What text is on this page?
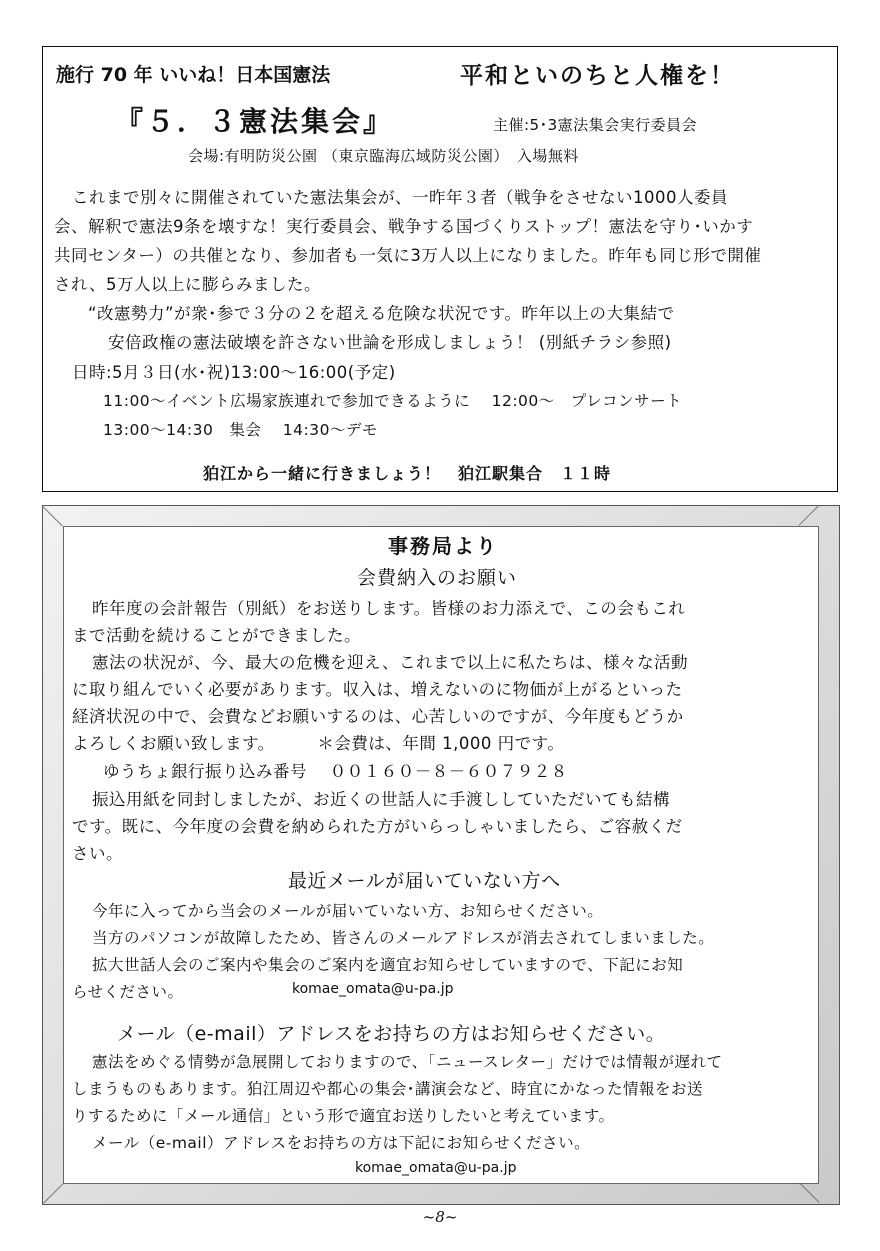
施行 70 年 いいね！日本国憲法	平和といのちと人権を！
『５．３憲法集会』	主催:5･3憲法集会実行委員会
会場:有明防災公園 （東京臨海広域防災公園）　入場無料
これまで別々に開催されていた憲法集会が、一昨年３者（戦争をさせない1000人委員
会、解釈で憲法9条を壊すな！実行委員会、戦争する国づくりストップ！憲法を守り･いかす
共同センター）の共催となり、参加者も一気に3万人以上になりました。昨年も同じ形で開催
され、5万人以上に膨らみました。
“改憲勢力”が衆･参で３分の２を超える危険な状況です。昨年以上の大集結で
安倍政権の憲法破壊を許さない世論を形成しましょう！ (別紙チラシ参照)
日時:5月３日(水･祝)13:00～16:00(予定)
11:00～イベント広場家族連れで参加できるように　 12:00～　プレコンサート
13:00～14:30　集会　 14:30～デモ
狛江から一緒に行きましょう！　狛江駅集合　１１時
事務局より
会費納入のお願い
昨年度の会計報告（別紙）をお送りします。皆様のお力添えで、この会もこれ
まで活動を続けることができました。
憲法の状況が、今、最大の危機を迎え、これまで以上に私たちは、様々な活動
に取り組んでいく必要があります。収入は、増えないのに物価が上がるといった
経済状況の中で、会費などお願いするのは、心苦しいのですが、今年度もどうか
よろしくお願い致します。　　　＊会費は、年間 1,000 円です。
ゆうちょ銀行振り込み番号　 ００１６０－８－６０７９２８
振込用紙を同封しましたが、お近くの世話人に手渡ししていただいても結構
です。既に、今年度の会費を納められた方がいらっしゃいましたら、ご容赦くだ
さい。
最近メールが届いていない方へ
今年に入ってから当会のメールが届いていない方、お知らせください。
当方のパソコンが故障したため、皆さんのメールアドレスが消去されてしまいました。
拡大世話人会のご案内や集会のご案内を適宜お知らせしていますので、下記にお知
らせください。	komae_omata@u-pa.jp
メール（e-mail）アドレスをお持ちの方はお知らせください。
憲法をめぐる情勢が急展開しておりますので、「ニュースレター」だけでは情報が遅れて
しまうものもあります。狛江周辺や都心の集会･講演会など、時宜にかなった情報をお送
りするために「メール通信」という形で適宜お送りしたいと考えています。
メール（e-mail）アドレスをお持ちの方は下記にお知らせください。
komae_omata@u-pa.jp
~8~
